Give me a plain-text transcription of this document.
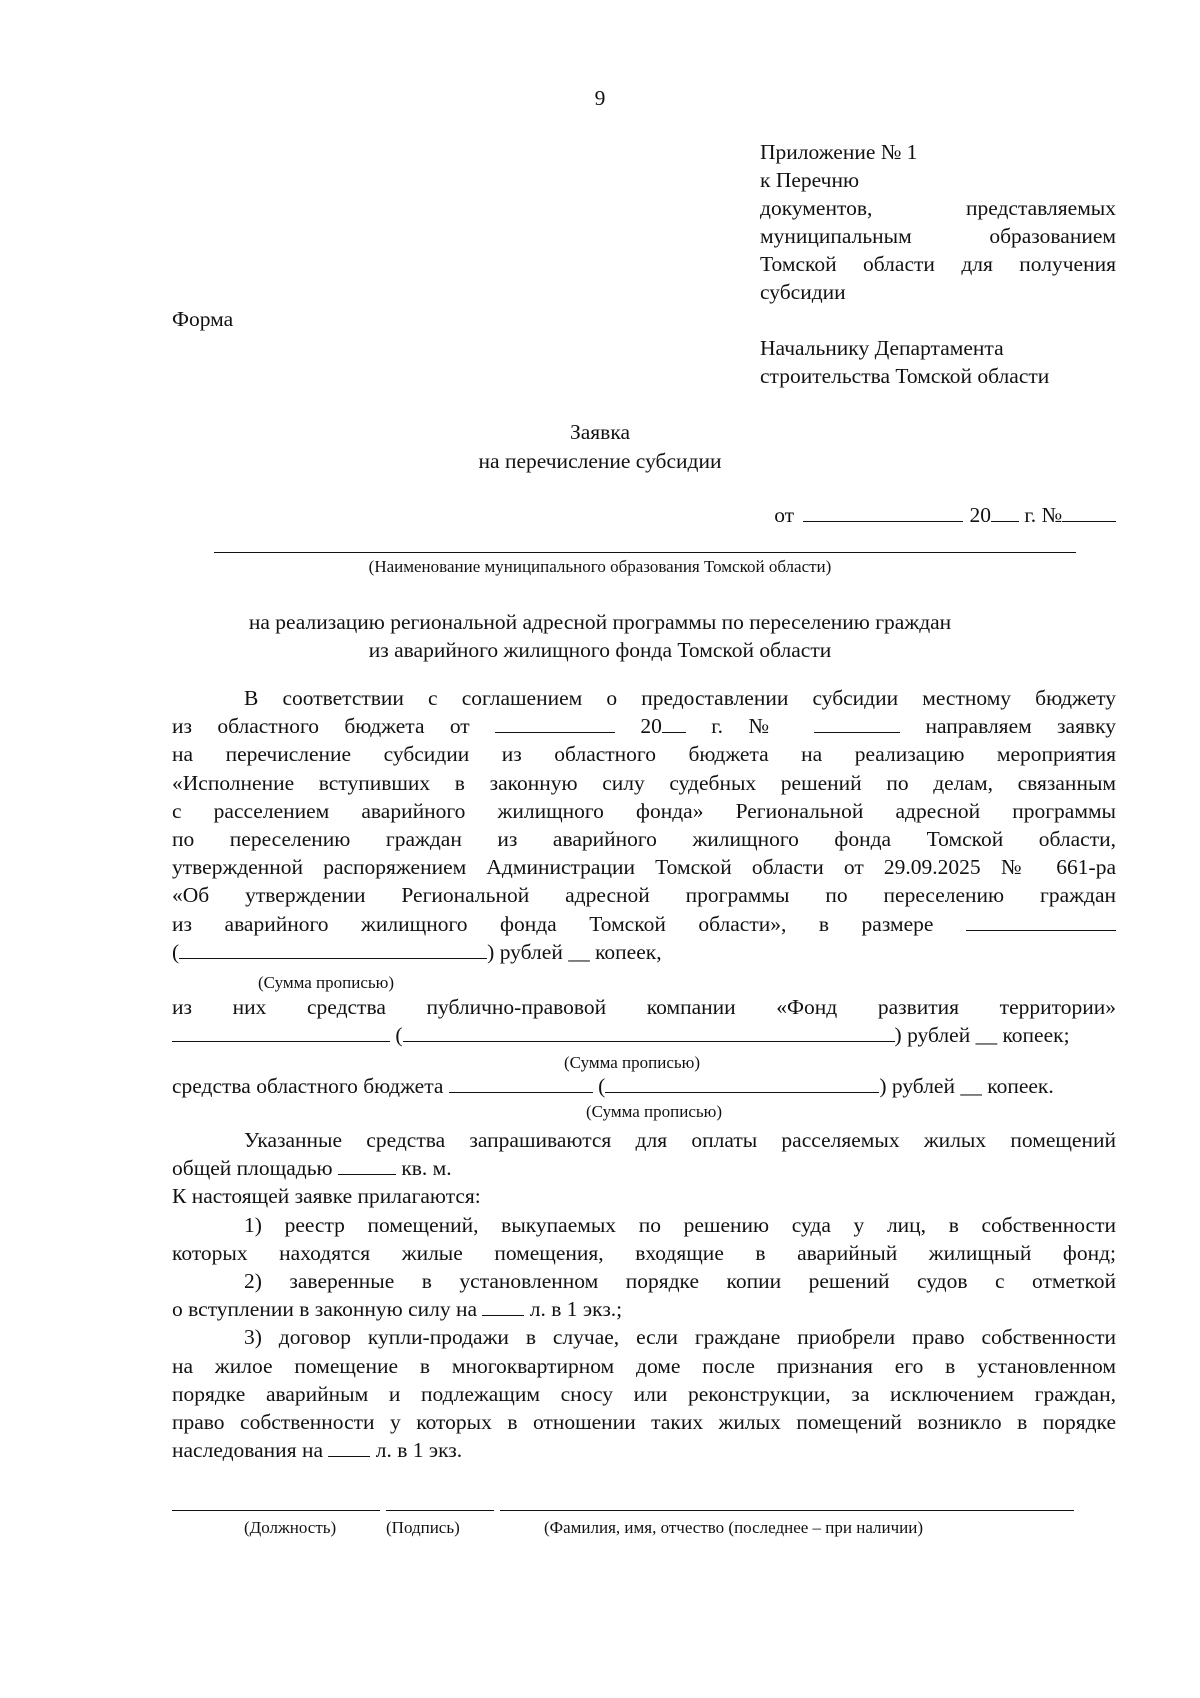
9
Приложение № 1
к Перечню
документов, представляемых
муниципальным образованием
Томской области для получения
субсидии
Форма
Начальнику Департамента
строительства Томской области
Заявка
на перечисление субсидии
от	20 г. №
(Наименование муниципального образования Томской области)
на реализацию региональной адресной программы по переселению граждан
из аварийного жилищного фонда Томской области
В соответствии с соглашением о предоставлении субсидии местному бюджету
из областного бюджета от	20 г. №	направляем заявку
на перечисление субсидии из областного бюджета на реализацию мероприятия
«Исполнение вступивших в законную силу судебных решений по делам, связанным
с расселением аварийного жилищного фонда» Региональной адресной программы
по переселению граждан из аварийного жилищного фонда Томской области,
утвержденной распоряжением Администрации Томской области от 29.09.2025 № 661-ра
«Об утверждении Региональной адресной программы по переселению граждан
из аварийного жилищного фонда Томской области», в размере
(	) рублей __ копеек,
(Сумма прописью)
из них средства публично-правовой компании «Фонд развития территории»
(	) рублей __ копеек;
(Сумма прописью)
средства областного бюджета	(	) рублей __ копеек.
(Сумма прописью)
Указанные средства запрашиваются для оплаты расселяемых жилых помещений
общей площадью	кв. м.
К настоящей заявке прилагаются:
1) реестр помещений, выкупаемых по решению суда у лиц, в собственности
которых находятся жилые помещения, входящие в аварийный жилищный фонд;
2) заверенные в установленном порядке копии решений судов с отметкой
о вступлении в законную силу на л. в 1 экз.;
3) договор купли-продажи в случае, если граждане приобрели право собственности
на жилое помещение в многоквартирном доме после признания его в установленном
порядке аварийным и подлежащим сносу или реконструкции, за исключением граждан,
право собственности у которых в отношении таких жилых помещений возникло в порядке
наследования на л. в 1 экз.
(Должность)	(Подпись)	(Фамилия, имя, отчество (последнее – при наличии)
